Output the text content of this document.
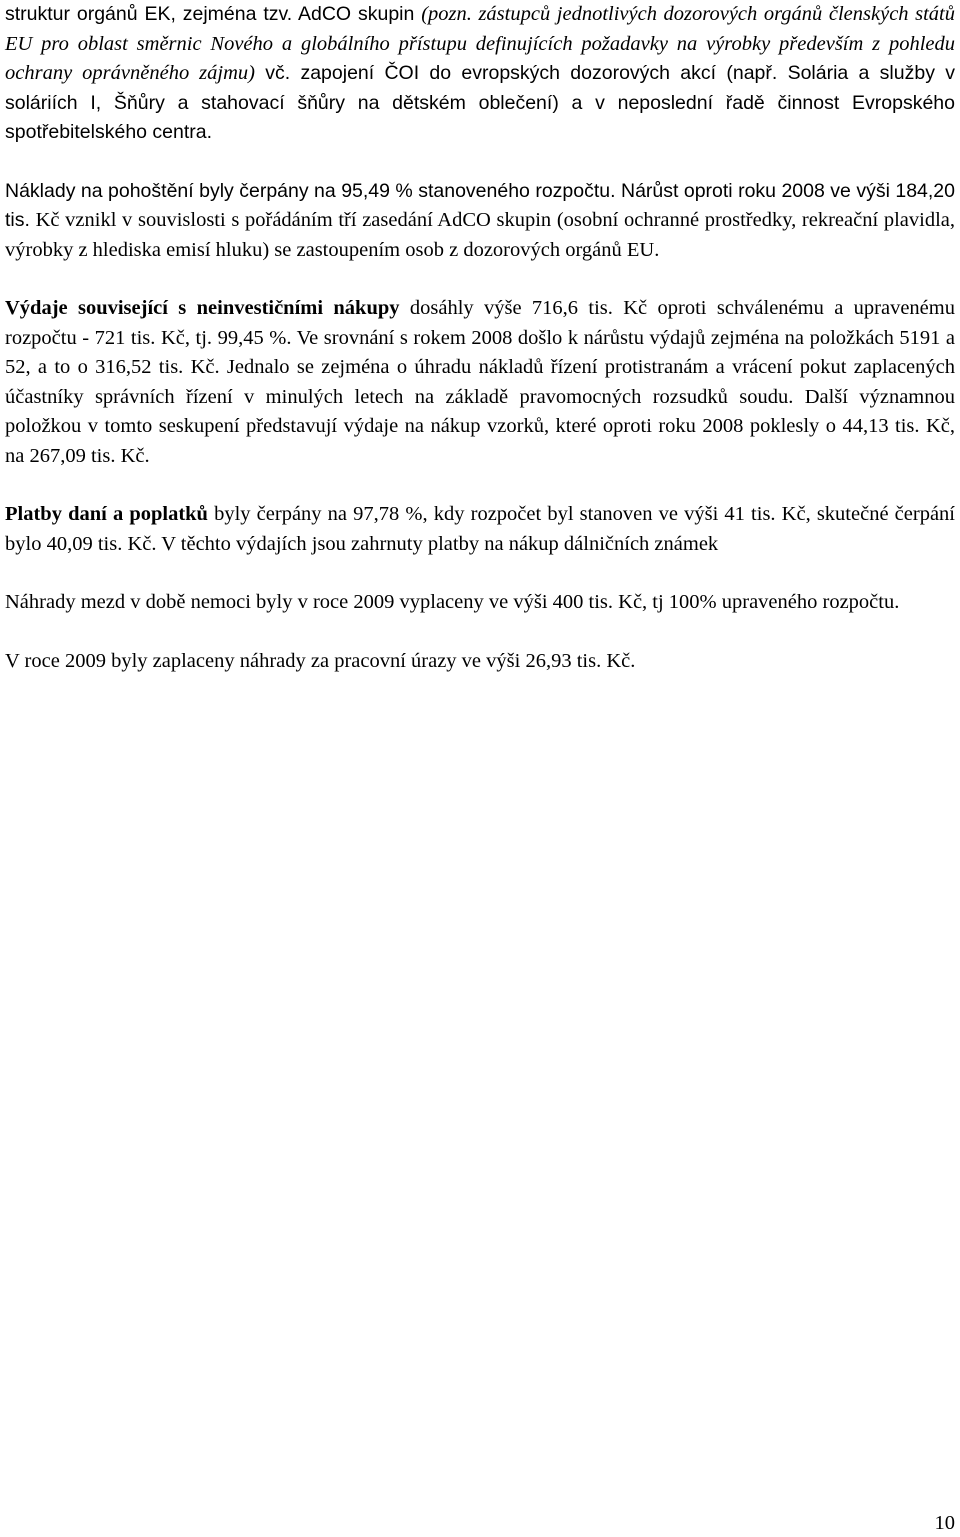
struktur orgánů EK, zejména tzv. AdCO skupin (pozn. zástupců jednotlivých dozorových orgánů členských států EU pro oblast směrnic Nového a globálního přístupu definujících požadavky na výrobky především z pohledu ochrany oprávněného zájmu) vč. zapojení ČOI do evropských dozorových akcí (např. Solária a služby v soláriích I, Šňůry a stahovací šňůry na dětském oblečení) a v neposlední řadě činnost Evropského spotřebitelského centra.

Náklady na pohoštění byly čerpány na 95,49 % stanoveného rozpočtu. Nárůst oproti roku 2008 ve výši 184,20 tis. Kč vznikl v souvislosti s pořádáním tří zasedání AdCO skupin (osobní ochranné prostředky, rekreační plavidla, výrobky z hlediska emisí hluku) se zastoupením osob z dozorových orgánů EU.

Výdaje související s neinvestičními nákupy dosáhly výše 716,6 tis. Kč oproti schválenému a upravenému rozpočtu - 721 tis. Kč, tj. 99,45 %. Ve srovnání s rokem 2008 došlo k nárůstu výdajů zejména na položkách 5191 a 52, a to o 316,52 tis. Kč. Jednalo se zejména o úhradu nákladů řízení protistranám a vrácení pokut zaplacených účastníky správních řízení v minulých letech na základě pravomocných rozsudků soudu. Další významnou položkou v tomto seskupení představují výdaje na nákup vzorků, které oproti roku 2008 poklesly o 44,13 tis. Kč, na 267,09 tis. Kč.

Platby daní a poplatků byly čerpány na 97,78 %, kdy rozpočet byl stanoven ve výši 41 tis. Kč, skutečné čerpání bylo 40,09 tis. Kč. V těchto výdajích jsou zahrnuty platby na nákup dálničních známek

Náhrady mezd v době nemoci byly v roce 2009 vyplaceny ve výši 400 tis. Kč, tj 100% upraveného rozpočtu.

V roce 2009 byly zaplaceny náhrady za pracovní úrazy ve výši 26,93 tis. Kč.

10
